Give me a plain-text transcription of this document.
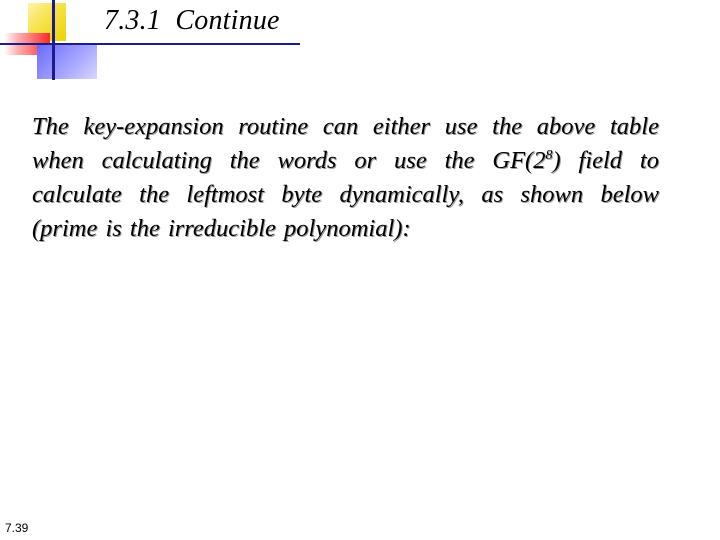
7.3.1  Continue

The key-expansion routine can either use the above table when calculating the words or use the $GF(2^8)$ field to calculate the leftmost byte dynamically, as shown below (prime is the irreducible polynomial):

7.39
